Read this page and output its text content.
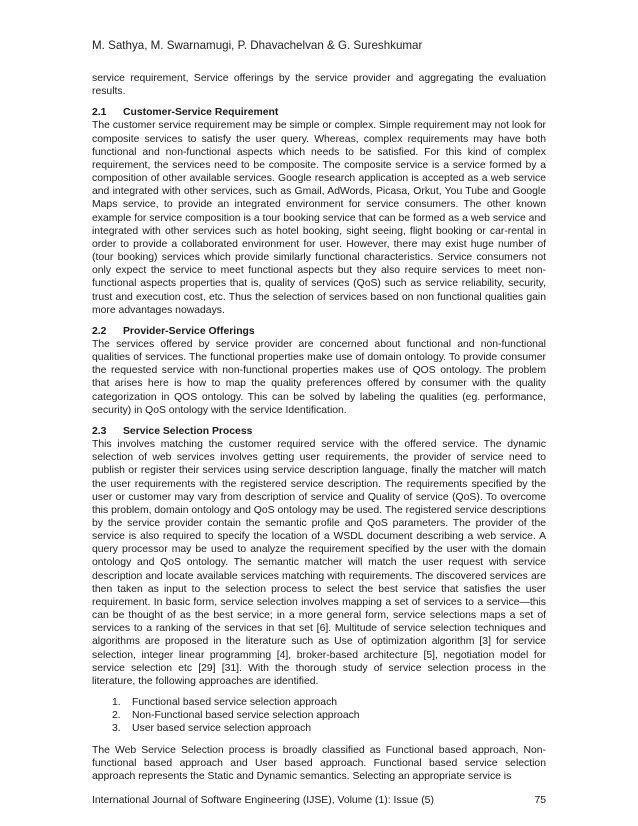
M. Sathya, M. Swarnamugi, P. Dhavachelvan & G. Sureshkumar

service requirement, Service offerings by the service provider and aggregating the evaluation results.

2.1	Customer-Service Requirement

The customer service requirement may be simple or complex. Simple requirement may not look for composite services to satisfy the user query. Whereas, complex requirements may have both functional and non-functional aspects which needs to be satisfied. For this kind of complex requirement, the services need to be composite. The composite service is a service formed by a composition of other available services. Google research application is accepted as a web service and integrated with other services, such as Gmail, AdWords, Picasa, Orkut, You Tube and Google Maps service, to provide an integrated environment for service consumers. The other known example for service composition is a tour booking service that can be formed as a web service and integrated with other services such as hotel booking, sight seeing, flight booking or car-rental in order to provide a collaborated environment for user. However, there may exist huge number of (tour booking) services which provide similarly functional characteristics. Service consumers not only expect the service to meet functional aspects but they also require services to meet non-functional aspects properties that is, quality of services (QoS) such as service reliability, security, trust and execution cost, etc. Thus the selection of services based on non functional qualities gain more advantages nowadays.

2.2	Provider-Service Offerings

The services offered by service provider are concerned about functional and non-functional qualities of services. The functional properties make use of domain ontology. To provide consumer the requested service with non-functional properties makes use of QOS ontology. The problem that arises here is how to map the quality preferences offered by consumer with the quality categorization in QOS ontology. This can be solved by labeling the qualities (eg. performance, security) in QoS ontology with the service Identification.

2.3	Service Selection Process

This involves matching the customer required service with the offered service. The dynamic selection of web services involves getting user requirements, the provider of service need to publish or register their services using service description language, finally the matcher will match the user requirements with the registered service description. The requirements specified by the user or customer may vary from description of service and Quality of service (QoS). To overcome this problem, domain ontology and QoS ontology may be used. The registered service descriptions by the service provider contain the semantic profile and QoS parameters. The provider of the service is also required to specify the location of a WSDL document describing a web service. A query processor may be used to analyze the requirement specified by the user with the domain ontology and QoS ontology. The semantic matcher will match the user request with service description and locate available services matching with requirements. The discovered services are then taken as input to the selection process to select the best service that satisfies the user requirement. In basic form, service selection involves mapping a set of services to a service—this can be thought of as the best service; in a more general form, service selections maps a set of services to a ranking of the services in that set [6]. Multitude of service selection techniques and algorithms are proposed in the literature such as Use of optimization algorithm [3] for service selection, integer linear programming [4], broker-based architecture [5], negotiation model for service selection etc [29] [31]. With the thorough study of service selection process in the literature, the following approaches are identified.

1.	Functional based service selection approach
2.	Non-Functional based service selection approach
3.	User based service selection approach

The Web Service Selection process is broadly classified as Functional based approach, Non-functional based approach and User based approach. Functional based service selection approach represents the Static and Dynamic semantics. Selecting an appropriate service is

International Journal of Software Engineering (IJSE), Volume (1): Issue (5)	75
